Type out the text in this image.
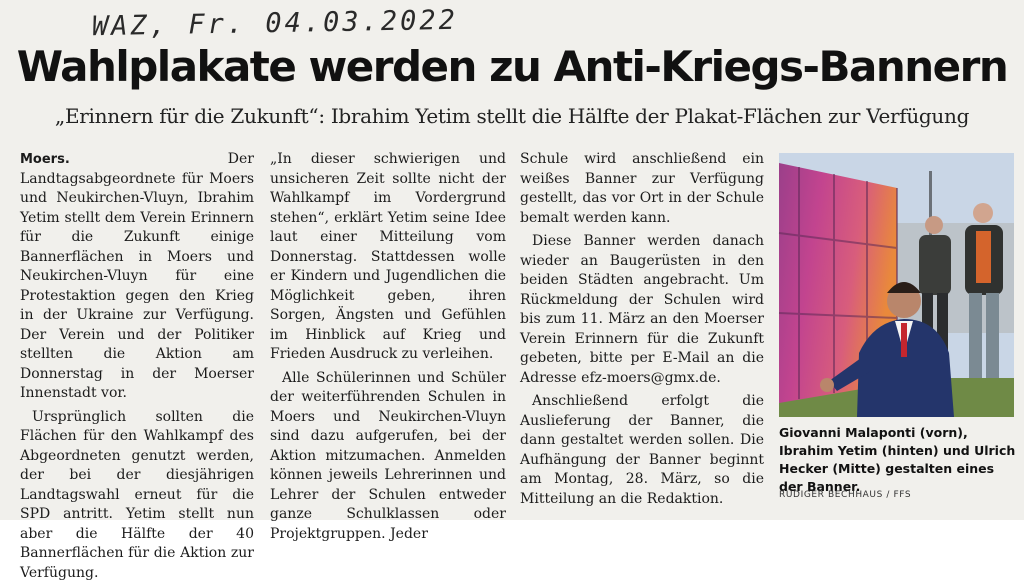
WAZ, Fr. 04.03.2022
Wahlplakate werden zu Anti-Kriegs-Bannern
„Erinnern für die Zukunft“: Ibrahim Yetim stellt die Hälfte der Plakat-Flächen zur Verfügung

Moers.	Der Landtagsabgeordnete für Moers und Neukirchen-Vluyn, Ibrahim Yetim stellt dem Verein Erinnern für die Zukunft einige Bannerflächen in Moers und Neukirchen-Vluyn für eine Protestaktion gegen den Krieg in der Ukraine zur Verfügung. Der Verein und der Politiker stellten die Aktion am Donnerstag in der Moerser Innenstadt vor.

Ursprünglich sollten die Flächen für den Wahlkampf des Abgeordneten genutzt werden, der bei der diesjährigen Landtagswahl erneut für die SPD antritt. Yetim stellt nun aber die Hälfte der 40 Bannerflächen für die Aktion zur Verfügung.

„In dieser schwierigen und unsicheren Zeit sollte nicht der Wahlkampf im Vordergrund stehen“, erklärt Yetim seine Idee laut einer Mitteilung vom Donnerstag. Stattdessen wolle er Kindern und Jugendlichen die Möglichkeit geben, ihren Sorgen, Ängsten und Gefühlen im Hinblick auf Krieg und Frieden Ausdruck zu verleihen.

Alle Schülerinnen und Schüler der weiterführenden Schulen in Moers und Neukirchen-Vluyn sind dazu aufgerufen, bei der Aktion mitzumachen. Anmelden können jeweils Lehrerinnen und Lehrer der Schulen entweder ganze Schulklassen oder Projektgruppen. Jeder

Schule wird anschließend ein weißes Banner zur Verfügung gestellt, das vor Ort in der Schule bemalt werden kann.

Diese Banner werden danach wieder an Baugerüsten in den beiden Städten angebracht. Um Rückmeldung der Schulen wird bis zum 11. März an den Moerser Verein Erinnern für die Zukunft gebeten, bitte per E-Mail an die Adresse efz-moers@gmx.de.

Anschließend erfolgt die Auslieferung der Banner, die dann gestaltet werden sollen. Die Aufhängung der Banner beginnt am Montag, 28. März, so die Mitteilung an die Redaktion.

Giovanni Malaponti (vorn), Ibrahim Yetim (hinten) und Ulrich Hecker (Mitte) gestalten eines der Banner.
RÜDIGER BECHHAUS / FFS
